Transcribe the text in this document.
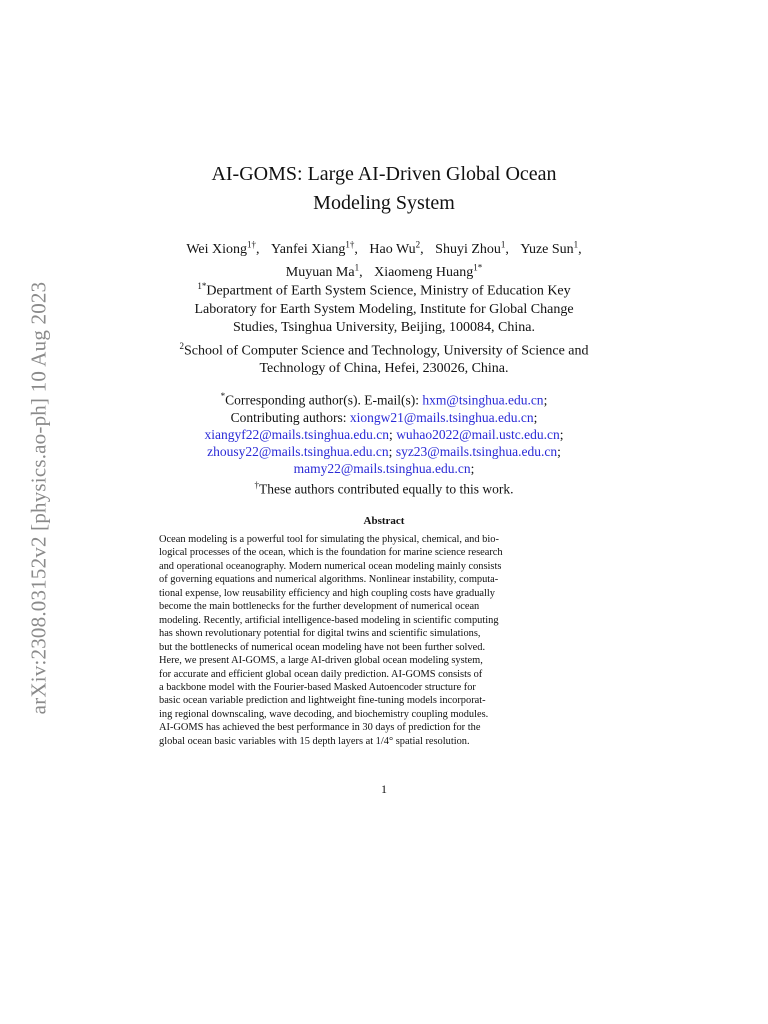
arXiv:2308.03152v2 [physics.ao-ph] 10 Aug 2023
AI-GOMS: Large AI-Driven Global Ocean
Modeling System
Wei Xiong$^{1\dagger}$, Yanfei Xiang$^{1\dagger}$, Hao Wu$^2$, Shuyi Zhou$^1$, Yuze Sun$^1$,
Muyuan Ma$^1$, Xiaomeng Huang$^{1*}$
$^{1*}$Department of Earth System Science, Ministry of Education Key
Laboratory for Earth System Modeling, Institute for Global Change
Studies, Tsinghua University, Beijing, 100084, China.
$^2$School of Computer Science and Technology, University of Science and
Technology of China, Hefei, 230026, China.
*Corresponding author(s). E-mail(s): hxm@tsinghua.edu.cn;
Contributing authors: xiongw21@mails.tsinghua.edu.cn;
xiangyf22@mails.tsinghua.edu.cn; wuhao2022@mail.ustc.edu.cn;
zhousy22@mails.tsinghua.edu.cn; syz23@mails.tsinghua.edu.cn;
mamy22@mails.tsinghua.edu.cn;
†These authors contributed equally to this work.
Abstract
Ocean modeling is a powerful tool for simulating the physical, chemical, and bio-
logical processes of the ocean, which is the foundation for marine science research
and operational oceanography. Modern numerical ocean modeling mainly consists
of governing equations and numerical algorithms. Nonlinear instability, computa-
tional expense, low reusability efficiency and high coupling costs have gradually
become the main bottlenecks for the further development of numerical ocean
modeling. Recently, artificial intelligence-based modeling in scientific computing
has shown revolutionary potential for digital twins and scientific simulations,
but the bottlenecks of numerical ocean modeling have not been further solved.
Here, we present AI-GOMS, a large AI-driven global ocean modeling system,
for accurate and efficient global ocean daily prediction. AI-GOMS consists of
a backbone model with the Fourier-based Masked Autoencoder structure for
basic ocean variable prediction and lightweight fine-tuning models incorporat-
ing regional downscaling, wave decoding, and biochemistry coupling modules.
AI-GOMS has achieved the best performance in 30 days of prediction for the
global ocean basic variables with 15 depth layers at 1/4° spatial resolution.
1
